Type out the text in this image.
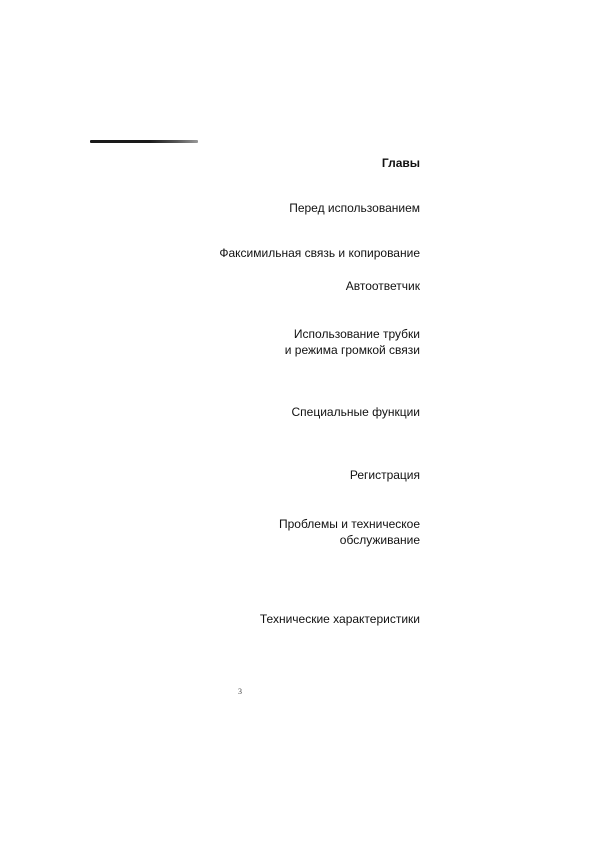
Главы
Перед использованием
Факсимильная связь и копирование
Автоответчик
Использование трубки
и режима громкой связи
Специальные функции
Регистрация
Проблемы и техническое
обслуживание
Технические характеристики
3
